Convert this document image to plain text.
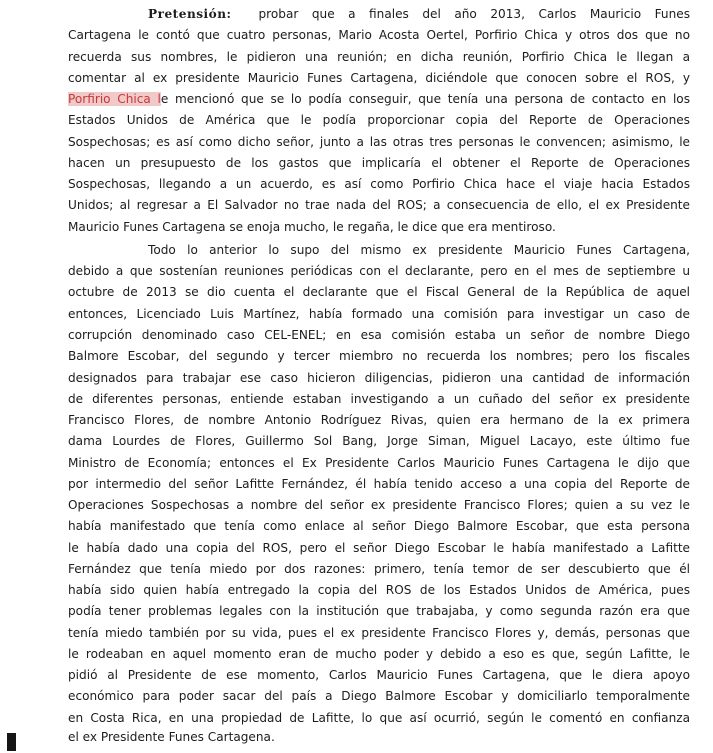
Pretensión: probar que a finales del año 2013, Carlos Mauricio Funes
Cartagena le contó que cuatro personas, Mario Acosta Oertel, Porfirio Chica y otros dos que no
recuerda sus nombres, le pidieron una reunión; en dicha reunión, Porfirio Chica le llegan a
comentar al ex presidente Mauricio Funes Cartagena, diciéndole que conocen sobre el ROS, y
Porfirio Chica le mencionó que se lo podía conseguir, que tenía una persona de contacto en los
Estados Unidos de América que le podía proporcionar copia del Reporte de Operaciones
Sospechosas; es así como dicho señor, junto a las otras tres personas le convencen; asimismo, le
hacen un presupuesto de los gastos que implicaría el obtener el Reporte de Operaciones
Sospechosas, llegando a un acuerdo, es así como Porfirio Chica hace el viaje hacia Estados
Unidos; al regresar a El Salvador no trae nada del ROS; a consecuencia de ello, el ex Presidente
Mauricio Funes Cartagena se enoja mucho, le regaña, le dice que era mentiroso.
Todo lo anterior lo supo del mismo ex presidente Mauricio Funes Cartagena,
debido a que sostenían reuniones periódicas con el declarante, pero en el mes de septiembre u
octubre de 2013 se dio cuenta el declarante que el Fiscal General de la República de aquel
entonces, Licenciado Luis Martínez, había formado una comisión para investigar un caso de
corrupción denominado caso CEL-ENEL; en esa comisión estaba un señor de nombre Diego
Balmore Escobar, del segundo y tercer miembro no recuerda los nombres; pero los fiscales
designados para trabajar ese caso hicieron diligencias, pidieron una cantidad de información
de diferentes personas, entiende estaban investigando a un cuñado del señor ex presidente
Francisco Flores, de nombre Antonio Rodríguez Rivas, quien era hermano de la ex primera
dama Lourdes de Flores, Guillermo Sol Bang, Jorge Siman, Miguel Lacayo, este último fue
Ministro de Economía; entonces el Ex Presidente Carlos Mauricio Funes Cartagena le dijo que
por intermedio del señor Lafitte Fernández, él había tenido acceso a una copia del Reporte de
Operaciones Sospechosas a nombre del señor ex presidente Francisco Flores; quien a su vez le
había manifestado que tenía como enlace al señor Diego Balmore Escobar, que esta persona
le había dado una copia del ROS, pero el señor Diego Escobar le había manifestado a Lafitte
Fernández que tenía miedo por dos razones: primero, tenía temor de ser descubierto que él
había sido quien había entregado la copia del ROS de los Estados Unidos de América, pues
podía tener problemas legales con la institución que trabajaba, y como segunda razón era que
tenía miedo también por su vida, pues el ex presidente Francisco Flores y, demás, personas que
le rodeaban en aquel momento eran de mucho poder y debido a eso es que, según Lafitte, le
pidió al Presidente de ese momento, Carlos Mauricio Funes Cartagena, que le diera apoyo
económico para poder sacar del país a Diego Balmore Escobar y domiciliarlo temporalmente
en Costa Rica, en una propiedad de Lafitte, lo que así ocurrió, según le comentó en confianza
el ex Presidente Funes Cartagena.
